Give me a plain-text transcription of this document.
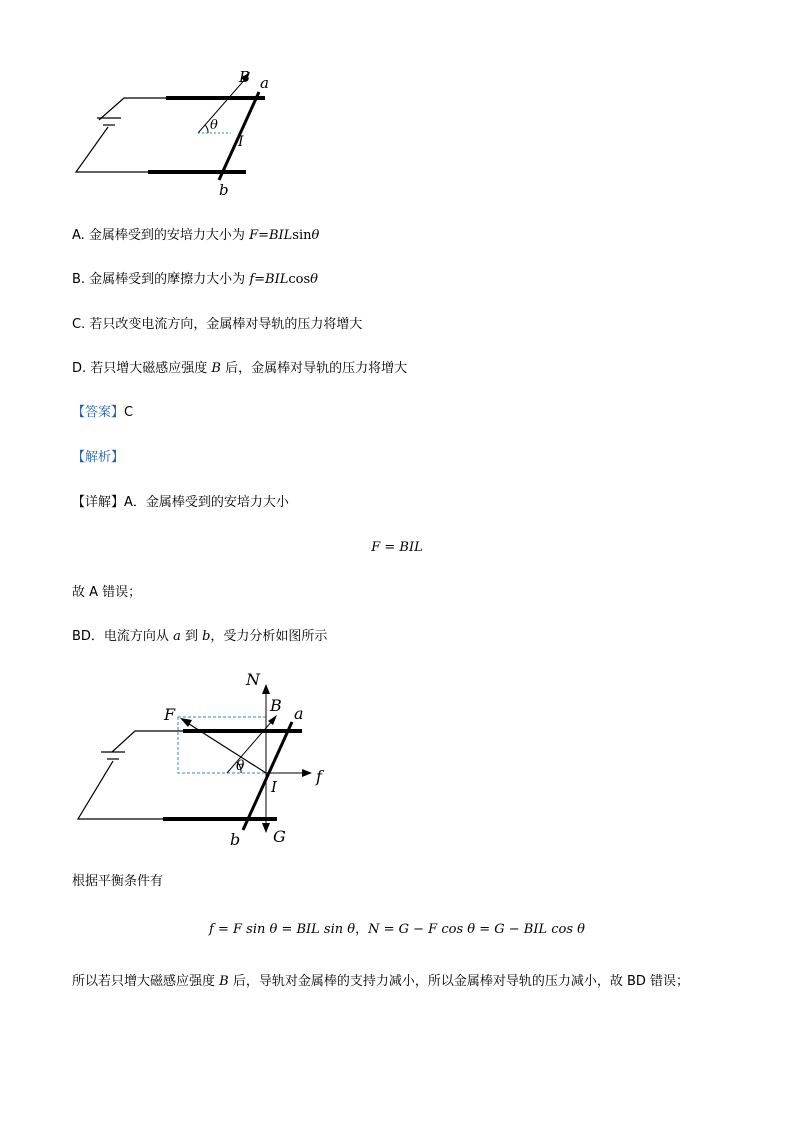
B a
θ
I
b
A. 金属棒受到的安培力大小为 F=BILsinθ
B. 金属棒受到的摩擦力大小为 f=BILcosθ
C. 若只改变电流方向，金属棒对导轨的压力将增大
D. 若只增大磁感应强度 B 后，金属棒对导轨的压力将增大
【答案】C
【解析】
【详解】A．金属棒受到的安培力大小
F = BIL
故 A 错误；
BD．电流方向从 a 到 b，受力分析如图所示
N
F	B a
θ
f
I
b G
根据平衡条件有
f = F sin θ = BIL sin θ，N = G − F cos θ = G − BIL cos θ
所以若只增大磁感应强度 B 后，导轨对金属棒的支持力减小，所以金属棒对导轨的压力减小，故 BD 错误；
